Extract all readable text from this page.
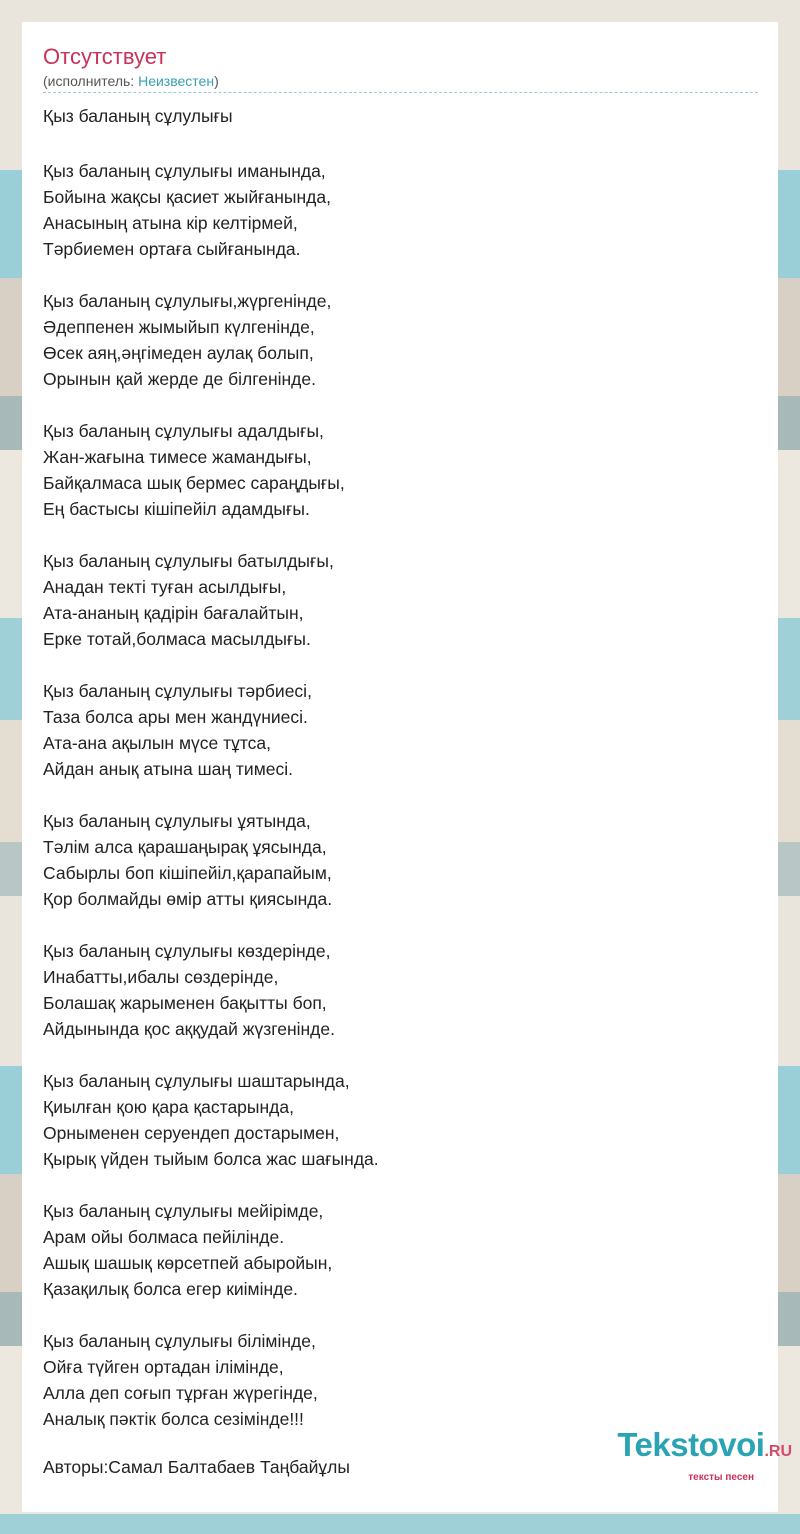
Отсутствует
(исполнитель: Неизвестен)
Қыз баланың сұлулығы
Қыз баланың сұлулығы иманында,
Бойына жақсы қасиет жыйғанында,
Анасының атына кір келтірмей,
Тәрбиемен ортаға сыйғанында.
Қыз баланың сұлулығы,жүргенінде,
Әдеппенен жымыйып күлгенінде,
Өсек аяң,әңгімеден аулақ болып,
Орынын қай жерде де білгенінде.
Қыз баланың сұлулығы адалдығы,
Жан-жағына тимесе жамандығы,
Байқалмаса шық бермес сараңдығы,
Ең бастысы кішіпейіл адамдығы.
Қыз баланың сұлулығы батылдығы,
Анадан текті туған асылдығы,
Ата-ананың қадірін бағалайтын,
Ерке тотай,болмаса масылдығы.
Қыз баланың сұлулығы тәрбиесі,
Таза болса ары мен жандүниесі.
Ата-ана ақылын мүсе тұтса,
Айдан анық атына шаң тимесі.
Қыз баланың сұлулығы ұятында,
Тәлім алса қарашаңырақ ұясында,
Сабырлы боп кішіпейіл,қарапайым,
Қор болмайды өмір атты қиясында.
Қыз баланың сұлулығы көздерінде,
Инабатты,ибалы сөздерінде,
Болашақ жарыменен бақытты боп,
Айдынында қос аққудай жүзгенінде.
Қыз баланың сұлулығы шаштарында,
Қиылған қою қара қастарында,
Орныменен серуендеп достарымен,
Қырық үйден тыйым болса жас шағында.
Қыз баланың сұлулығы мейірімде,
Арам ойы болмаса пейілінде.
Ашық шашық көрсетпей абыройын,
Қазақилық болса егер киімінде.
Қыз баланың сұлулығы білімінде,
Ойға түйген ортадан ілімінде,
Алла деп соғып тұрған жүрегінде,
Аналық пәктік болса сезімінде!!!
Авторы:Самал Балтабаев Таңбайұлы
Tekstovoi.RU
тексты песен
